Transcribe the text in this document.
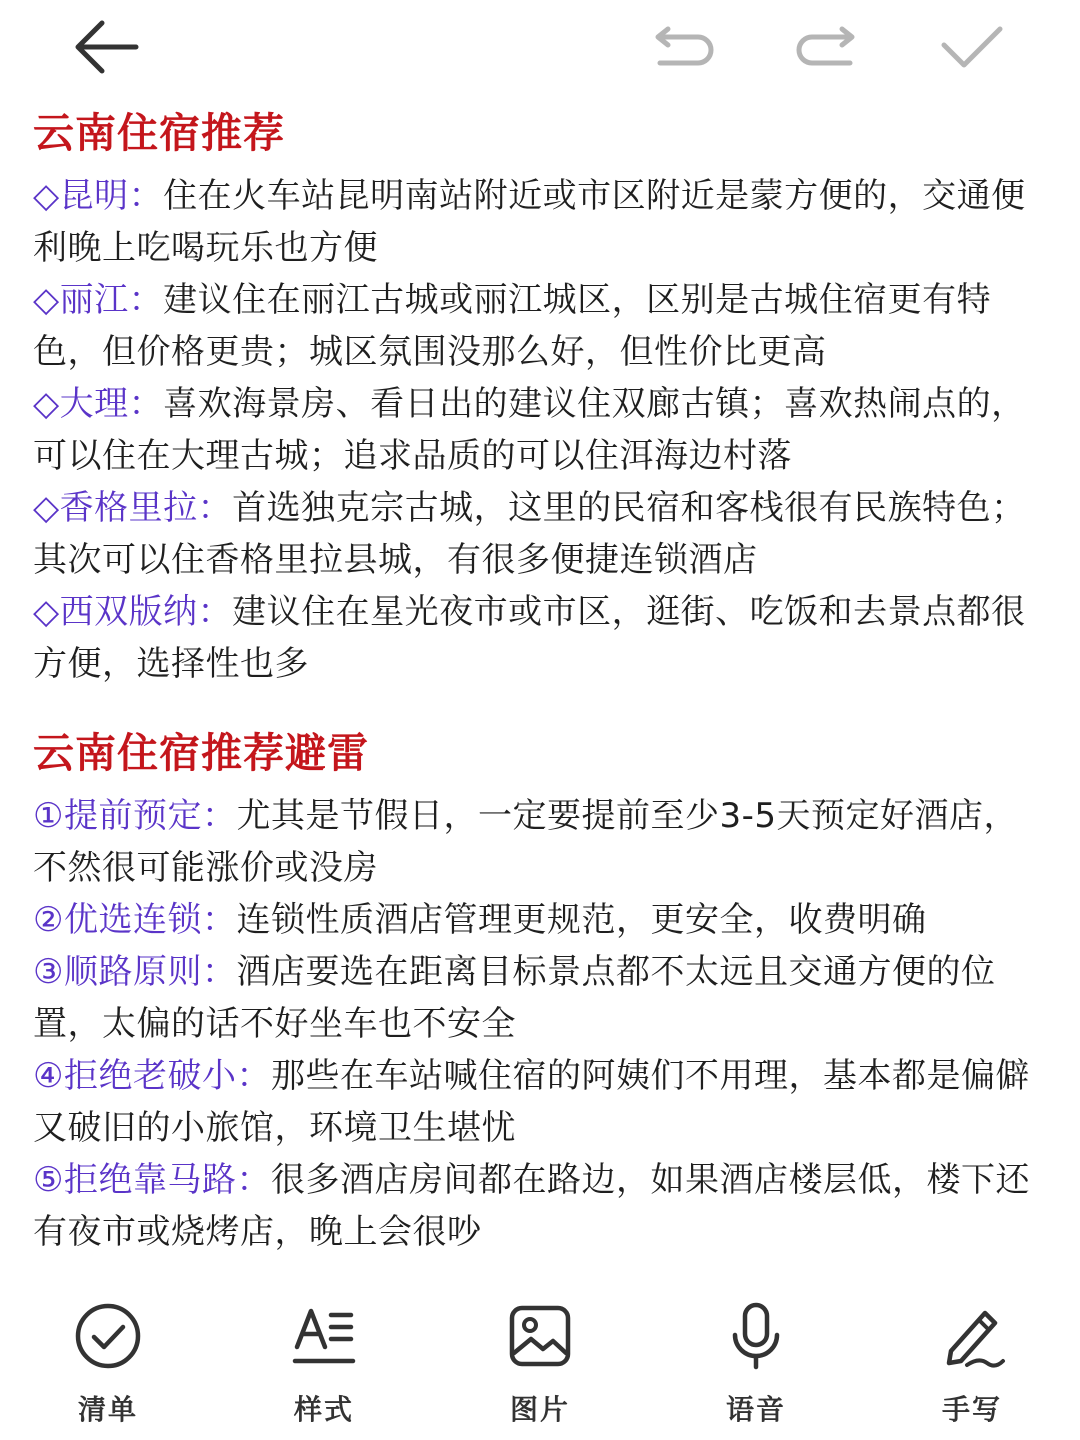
云南住宿推荐

◇昆明：住在火车站昆明南站附近或市区附近是蒙方便的，交通便利晚上吃喝玩乐也方便

◇丽江：建议住在丽江古城或丽江城区，区别是古城住宿更有特色，但价格更贵；城区氛围没那么好，但性价比更高

◇大理：喜欢海景房、看日出的建议住双廊古镇；喜欢热闹点的，可以住在大理古城；追求品质的可以住洱海边村落

◇香格里拉：首选独克宗古城，这里的民宿和客栈很有民族特色；其次可以住香格里拉县城，有很多便捷连锁酒店

◇西双版纳：建议住在星光夜市或市区，逛街、吃饭和去景点都很方便，选择性也多

云南住宿推荐避雷

①提前预定：尤其是节假日，一定要提前至少3-5天预定好酒店，不然很可能涨价或没房

②优选连锁：连锁性质酒店管理更规范，更安全，收费明确

③顺路原则：酒店要选在距离目标景点都不太远且交通方便的位置，太偏的话不好坐车也不安全

④拒绝老破小：那些在车站喊住宿的阿姨们不用理，基本都是偏僻又破旧的小旅馆，环境卫生堪忧

⑤拒绝靠马路：很多酒店房间都在路边，如果酒店楼层低，楼下还有夜市或烧烤店，晚上会很吵

清单	样式	图片	语音	手写
